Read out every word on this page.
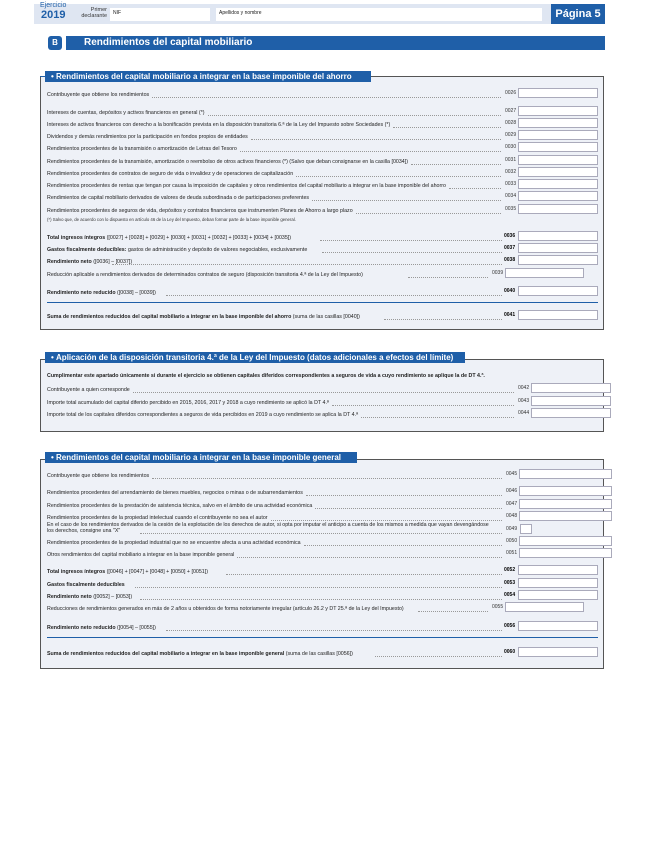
Ejercicio
2019	Primer declarante	NIF	Apellidos y nombre	Página 5
B	Rendimientos del capital mobiliario
• Rendimientos del capital mobiliario a integrar en la base imponible del ahorro
Contribuyente que obtiene los rendimientos	0026
Intereses de cuentas, depósitos y activos financieros en general (*)	0027
Intereses de activos financieros con derecho a la bonificación prevista en la disposición transitoria 6.ª de la Ley del Impuesto sobre Sociedades (*)	0028
Dividendos y demás rendimientos por la participación en fondos propios de entidades	0029
Rendimientos procedentes de la transmisión o amortización de Letras del Tesoro	0030
Rendimientos procedentes de la transmisión, amortización o reembolso de otros activos financieros (*) (Salvo que deban consignarse en la casilla [0034])	0031
Rendimientos procedentes de contratos de seguro de vida o invalidez y de operaciones de capitalización	0032
Rendimientos procedentes de rentas que tengan por causa la imposición de capitales y otros rendimientos del capital mobiliario a integrar en la base imponible del ahorro	0033
Rendimientos de capital mobiliario derivados de valores de deuda subordinada o de participaciones preferentes	0034
Rendimientos procedentes de seguros de vida, depósitos y contratos financieros que instrumenten Planes de Ahorro a largo plazo	0035
(*) Salvo que, de acuerdo con lo dispuesto en artículo 46 de la Ley del Impuesto, deban formar parte de la base imponible general.
Total ingresos íntegros ([0027] + [0028] + [0029] + [0030] + [0031] + [0032] + [0033] + [0034] + [0035])	0036
Gastos fiscalmente deducibles: gastos de administración y depósito de valores negociables, exclusivamente	0037
Rendimiento neto ([0036] – [0037])	0038
Reducción aplicable a rendimientos derivados de determinados contratos de seguro (disposición transitoria 4.ª de la Ley del Impuesto)	0039
Rendimiento neto reducido ([0038] – [0039])	0040
Suma de rendimientos reducidos del capital mobiliario a integrar en la base imponible del ahorro (suma de las casillas [0040])	0041
• Aplicación de la disposición transitoria 4.ª de la Ley del Impuesto (datos adicionales a efectos del límite)
Cumplimentar este apartado únicamente si durante el ejercicio se obtienen capitales diferidos correspondientes a seguros de vida a cuyo rendimiento se aplique la de DT 4.ª.
Contribuyente a quien corresponde	0042
Importe total acumulado del capital diferido percibido en 2015, 2016, 2017 y 2018 a cuyo rendimiento se aplicó la DT 4.ª	0043
Importe total de los capitales diferidos correspondientes a seguros de vida percibidos en 2019 a cuyo rendimiento se aplica la DT 4.ª	0044
• Rendimientos del capital mobiliario a integrar en la base imponible general
Contribuyente que obtiene los rendimientos	0045
Rendimientos procedentes del arrendamiento de bienes muebles, negocios o minas o de subarrendamientos	0046
Rendimientos procedentes de la prestación de asistencia técnica, salvo en el ámbito de una actividad económica	0047
Rendimientos procedentes de la propiedad intelectual cuando el contribuyente no sea el autor	0048
En el caso de los rendimientos derivados de la cesión de la explotación de los derechos de autor, si opta por imputar el anticipo a cuenta de los mismos a medida que vayan devengándose
los derechos, consigne una "X"	0049
Rendimientos procedentes de la propiedad industrial que no se encuentre afecta a una actividad económica	0050
Otros rendimientos del capital mobiliario a integrar en la base imponible general	0051
Total ingresos íntegros ([0046] + [0047] + [0048] + [0050] + [0051])	0052
Gastos fiscalmente deducibles	0053
Rendimiento neto ([0052] – [0053])	0054
Reducciones de rendimientos generados en más de 2 años u obtenidos de forma notoriamente irregular (artículo 26.2 y DT 25.ª de la Ley del Impuesto)	0055
Rendimiento neto reducido ([0054] – [0055])	0056
Suma de rendimientos reducidos del capital mobiliario a integrar en la base imponible general (suma de las casillas [0056])	0060
